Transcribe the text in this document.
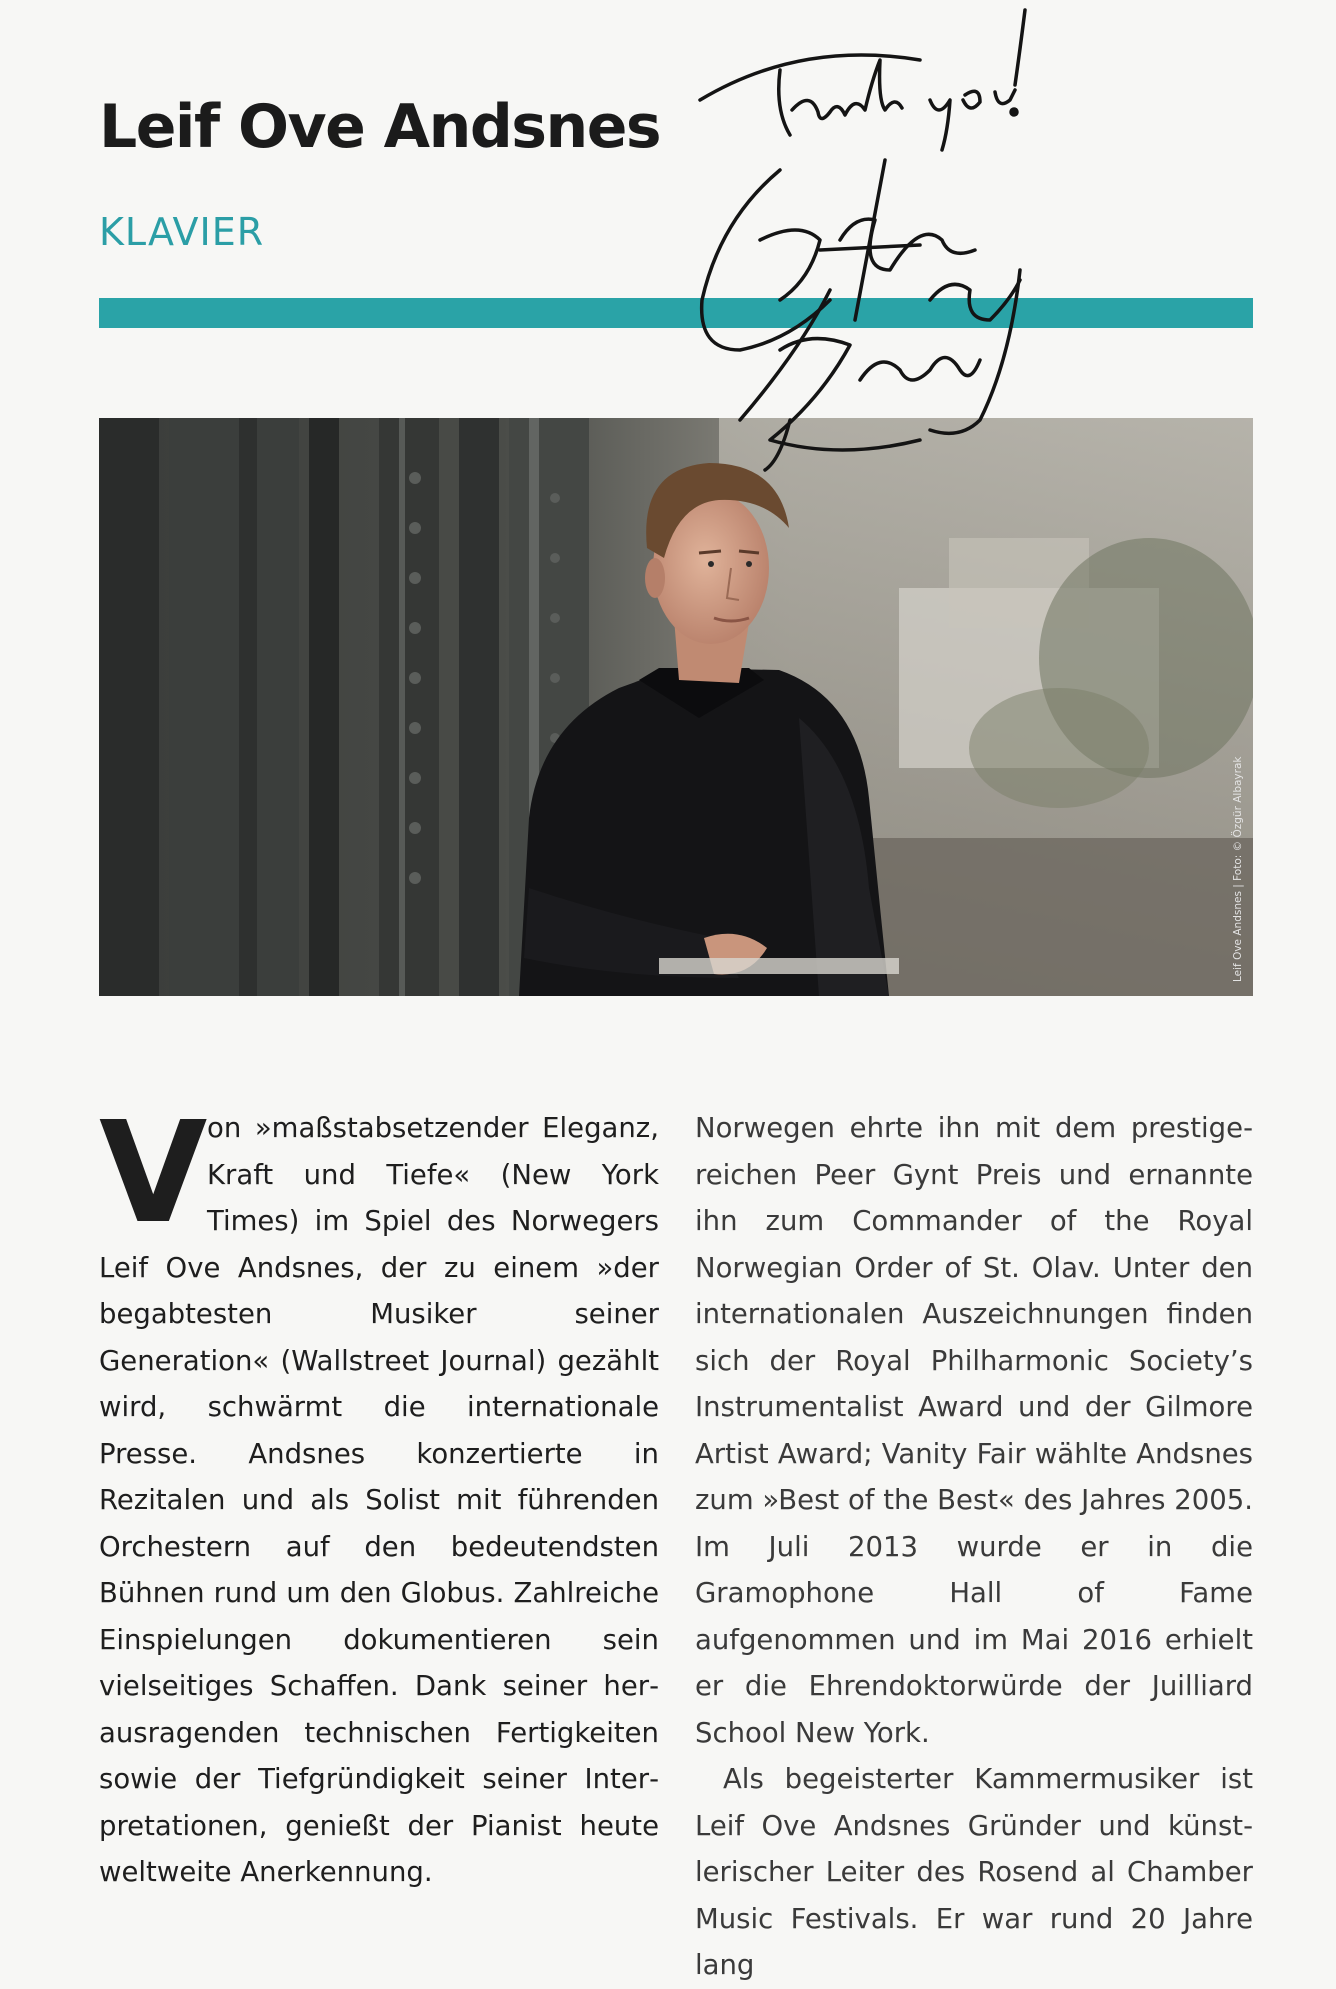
Leif Ove Andsnes
KLAVIER
Leif Ove Andsnes | Foto: © Özgür Albayrak
V on »maßstabsetzender Eleganz, Kraft und Tiefe« (New York Times) im Spiel des Norwegers Leif Ove Andsnes, der zu einem »der begabtesten Musiker seiner Generation« (Wallstreet Journal) gezählt wird, schwärmt die internationale Presse. Andsnes konzertierte in Rezitalen und als Solist mit führenden Orchestern auf den bedeutendsten Bühnen rund um den Globus. Zahlreiche Einspielungen dokumentieren sein vielseitiges Schaffen. Dank seiner herausragenden technischen Fertigkeiten sowie der Tiefgründigkeit seiner Interpretationen, genießt der Pianist heute weltweite Anerkennung.

Norwegen ehrte ihn mit dem prestigereichen Peer Gynt Preis und ernannte ihn zum Commander of the Royal Norwegian Order of St. Olav. Unter den internationalen Auszeichnungen finden sich der Royal Philharmonic Society’s Instrumentalist Award und der Gilmore Artist Award; Vanity Fair wählte Andsnes zum »Best of the Best« des Jahres 2005. Im Juli 2013 wurde er in die Gramophone Hall of Fame aufgenommen und im Mai 2016 erhielt er die Ehrendoktorwürde der Juilliard School New York.

Als begeisterter Kammermusiker ist Leif Ove Andsnes Gründer und künstlerischer Leiter des Rosend al Chamber Music Festivals. Er war rund 20 Jahre lang
